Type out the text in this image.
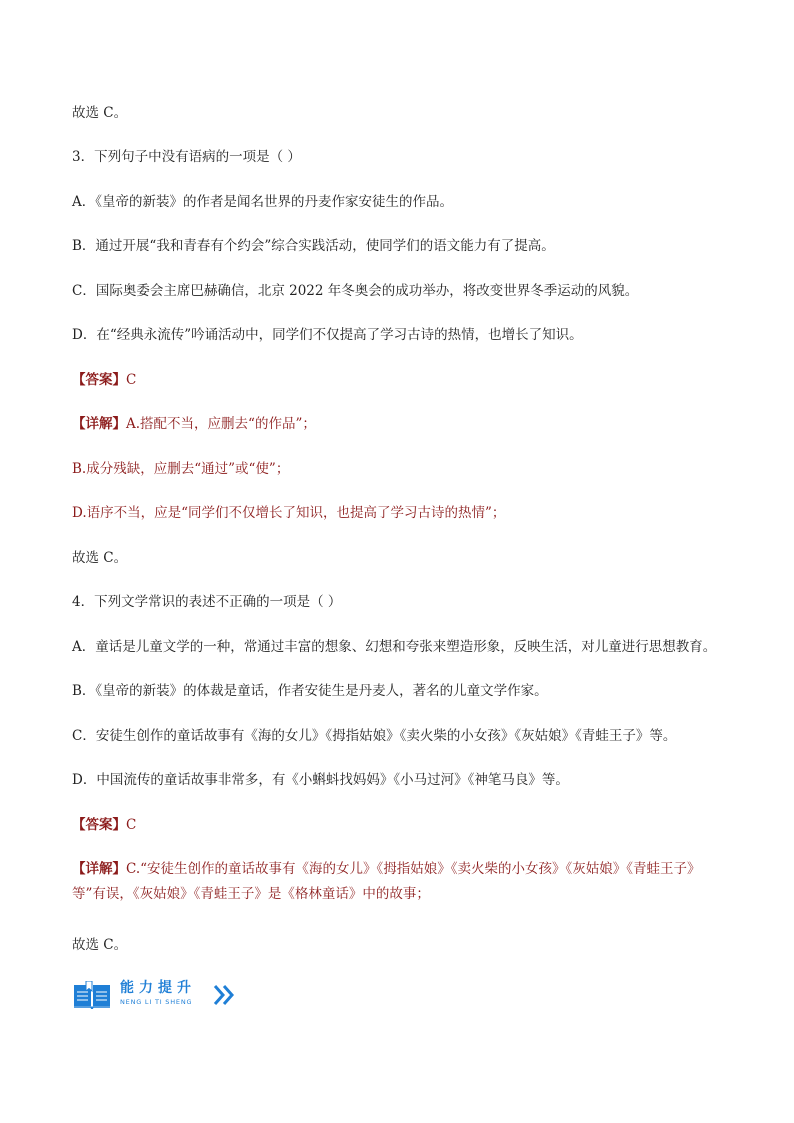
故选 C。
3．下列句子中没有语病的一项是（ ）
A．《皇帝的新装》的作者是闻名世界的丹麦作家安徒生的作品。
B．通过开展“我和青春有个约会”综合实践活动，使同学们的语文能力有了提高。
C．国际奥委会主席巴赫确信，北京 2022 年冬奥会的成功举办，将改变世界冬季运动的风貌。
D．在“经典永流传”吟诵活动中，同学们不仅提高了学习古诗的热情，也增长了知识。
【答案】C
【详解】A.搭配不当，应删去“的作品”；
B.成分残缺，应删去“通过”或“使”；
D.语序不当，应是“同学们不仅增长了知识，也提高了学习古诗的热情”；
故选 C。
4．下列文学常识的表述不正确的一项是（ ）
A．童话是儿童文学的一种，常通过丰富的想象、幻想和夸张来塑造形象，反映生活，对儿童进行思想教育。
B．《皇帝的新装》的体裁是童话，作者安徒生是丹麦人，著名的儿童文学作家。
C．安徒生创作的童话故事有《海的女儿》《拇指姑娘》《卖火柴的小女孩》《灰姑娘》《青蛙王子》等。
D．中国流传的童话故事非常多，有《小蝌蚪找妈妈》《小马过河》《神笔马良》等。
【答案】C
【详解】C.“安徒生创作的童话故事有《海的女儿》《拇指姑娘》《卖火柴的小女孩》《灰姑娘》《青蛙王子》等”有误，《灰姑娘》《青蛙王子》是《格林童话》中的故事；
故选 C。
能力提升
NENG LI TI SHENG
